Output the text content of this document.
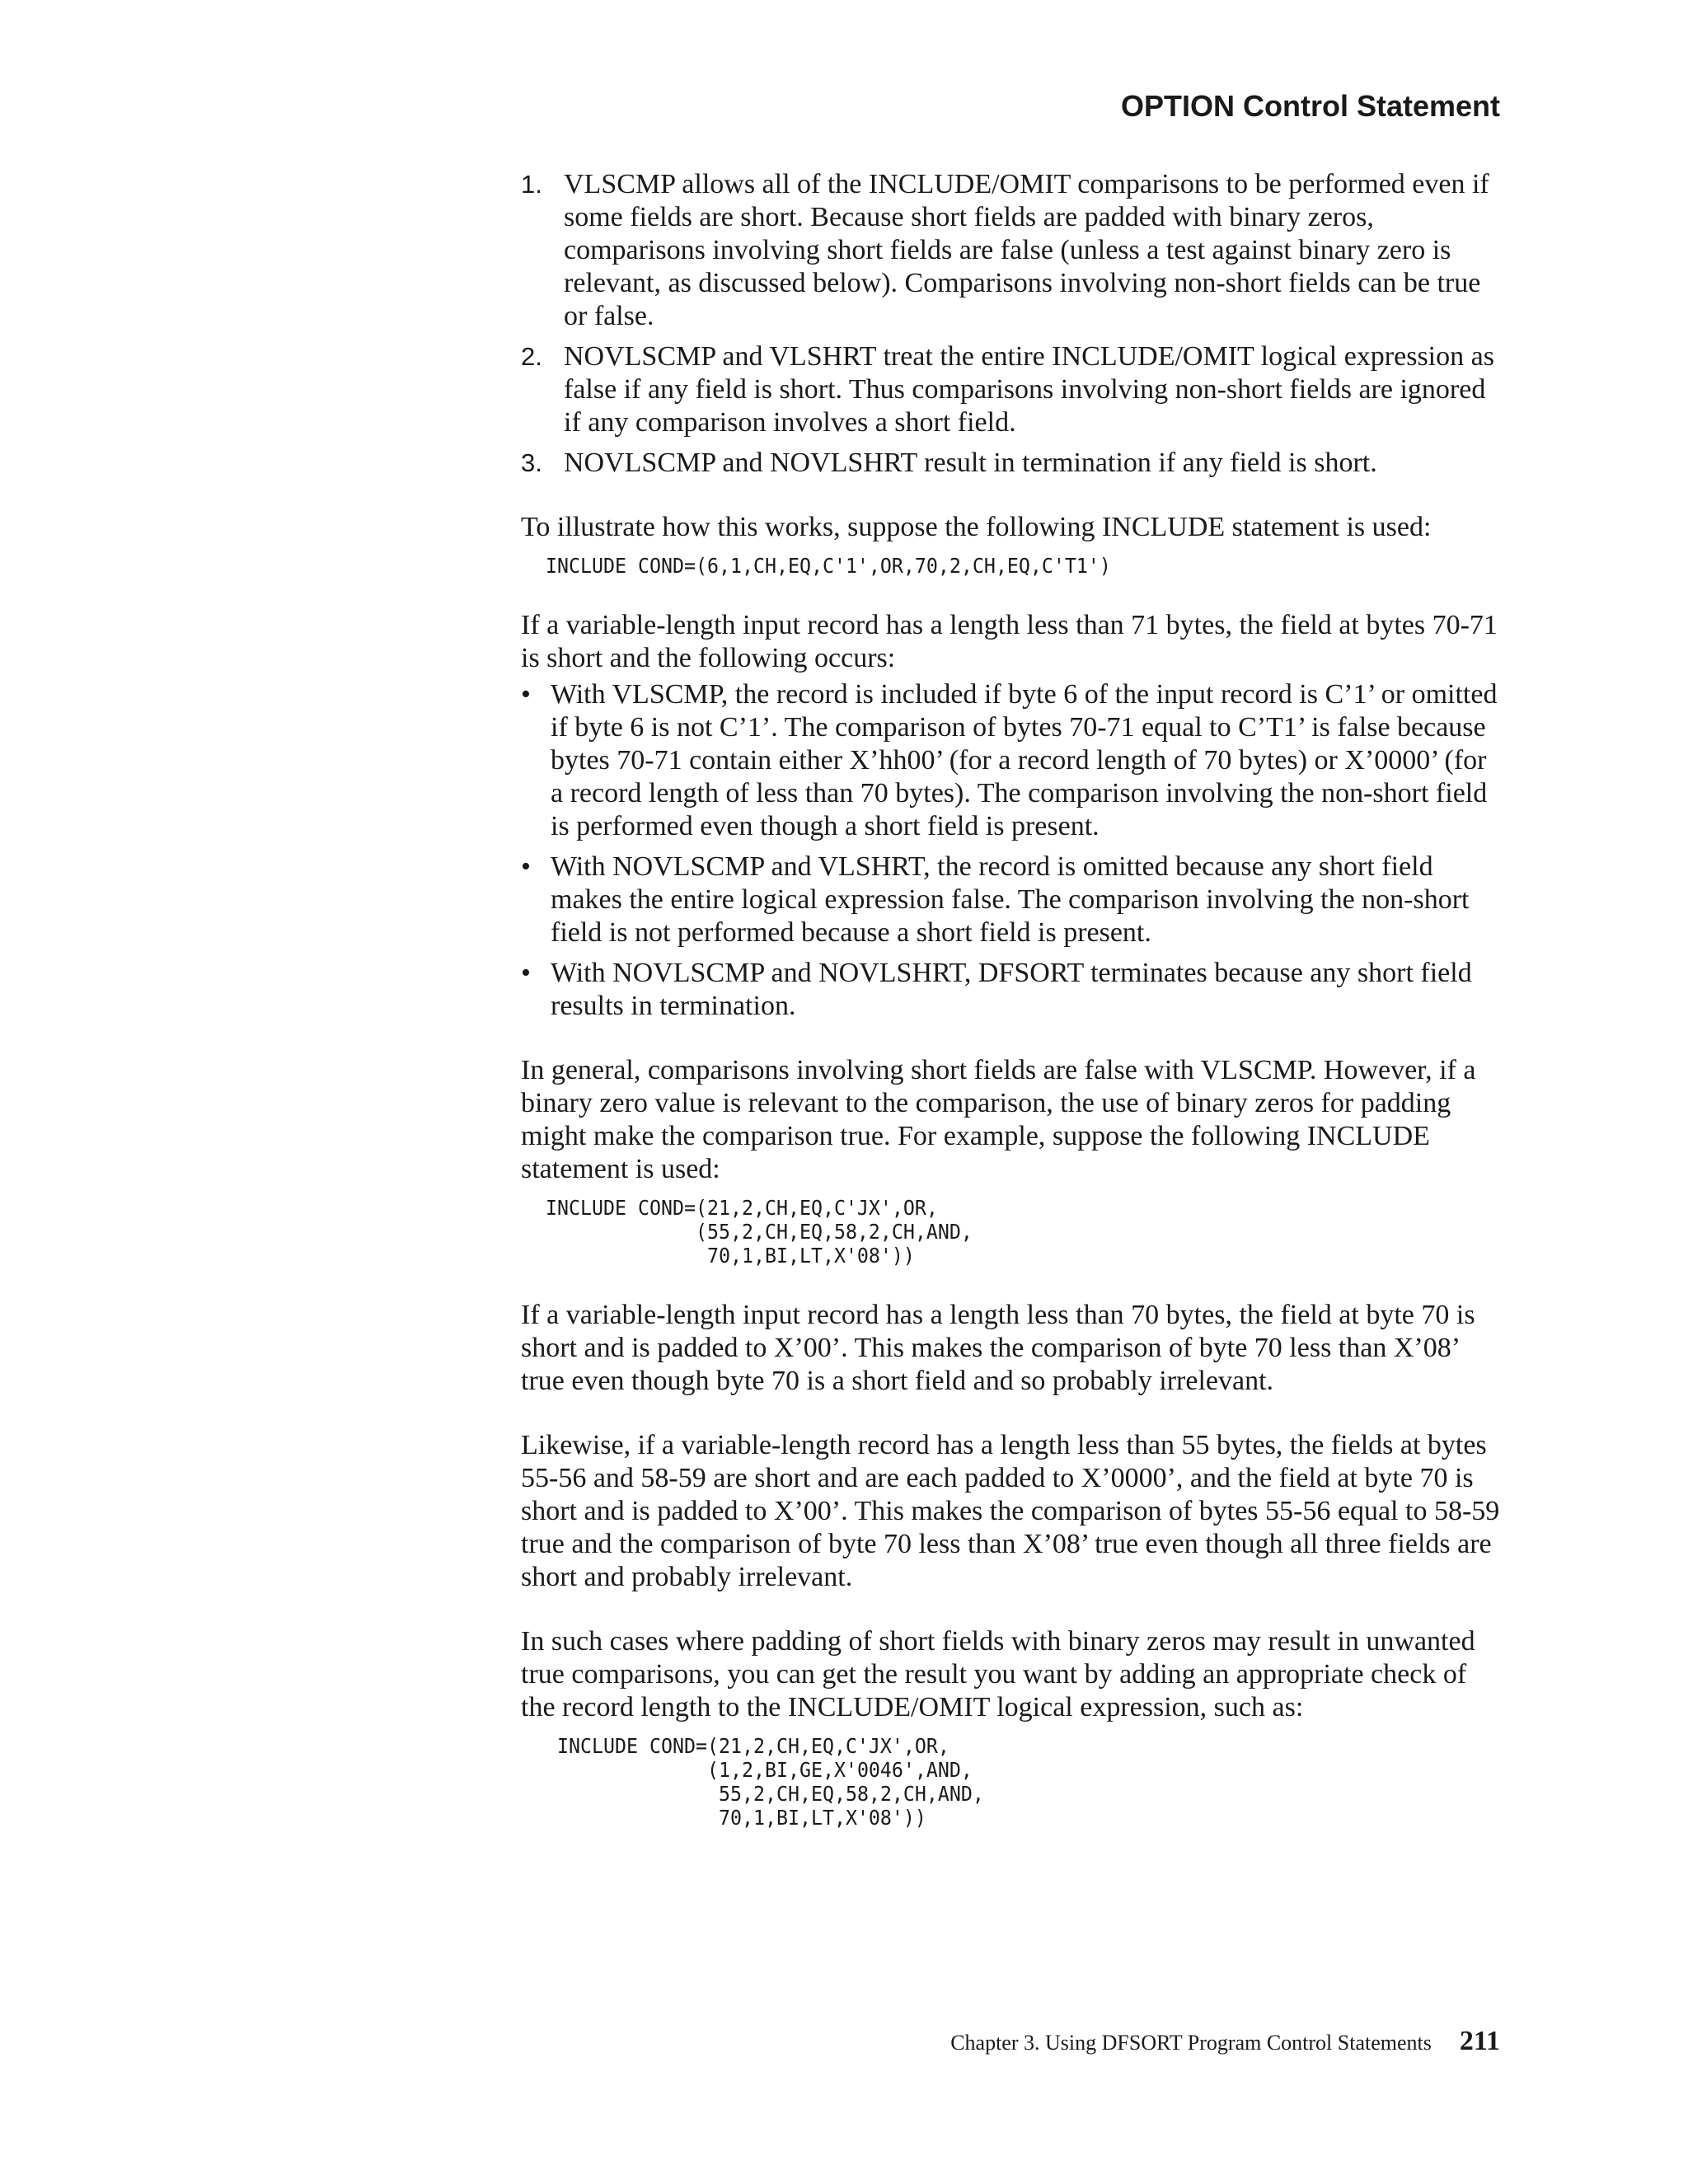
OPTION Control Statement
1. VLSCMP allows all of the INCLUDE/OMIT comparisons to be performed even if some fields are short. Because short fields are padded with binary zeros, comparisons involving short fields are false (unless a test against binary zero is relevant, as discussed below). Comparisons involving non-short fields can be true or false.
2. NOVLSCMP and VLSHRT treat the entire INCLUDE/OMIT logical expression as false if any field is short. Thus comparisons involving non-short fields are ignored if any comparison involves a short field.
3. NOVLSCMP and NOVLSHRT result in termination if any field is short.

To illustrate how this works, suppose the following INCLUDE statement is used:

INCLUDE COND=(6,1,CH,EQ,C'1',OR,70,2,CH,EQ,C'T1')

If a variable-length input record has a length less than 71 bytes, the field at bytes 70-71 is short and the following occurs:

• With VLSCMP, the record is included if byte 6 of the input record is C’1’ or omitted if byte 6 is not C’1’. The comparison of bytes 70-71 equal to C’T1’ is false because bytes 70-71 contain either X’hh00’ (for a record length of 70 bytes) or X’0000’ (for a record length of less than 70 bytes). The comparison involving the non-short field is performed even though a short field is present.
• With NOVLSCMP and VLSHRT, the record is omitted because any short field makes the entire logical expression false. The comparison involving the non-short field is not performed because a short field is present.
• With NOVLSCMP and NOVLSHRT, DFSORT terminates because any short field results in termination.

In general, comparisons involving short fields are false with VLSCMP. However, if a binary zero value is relevant to the comparison, the use of binary zeros for padding might make the comparison true. For example, suppose the following INCLUDE statement is used:

INCLUDE COND=(21,2,CH,EQ,C'JX',OR,
(55,2,CH,EQ,58,2,CH,AND,
70,1,BI,LT,X'08'))

If a variable-length input record has a length less than 70 bytes, the field at byte 70 is short and is padded to X’00’. This makes the comparison of byte 70 less than X’08’ true even though byte 70 is a short field and so probably irrelevant.

Likewise, if a variable-length record has a length less than 55 bytes, the fields at bytes 55-56 and 58-59 are short and are each padded to X’0000’, and the field at byte 70 is short and is padded to X’00’. This makes the comparison of bytes 55-56 equal to 58-59 true and the comparison of byte 70 less than X’08’ true even though all three fields are short and probably irrelevant.

In such cases where padding of short fields with binary zeros may result in unwanted true comparisons, you can get the result you want by adding an appropriate check of the record length to the INCLUDE/OMIT logical expression, such as:

INCLUDE COND=(21,2,CH,EQ,C'JX',OR,
(1,2,BI,GE,X'0046',AND,
55,2,CH,EQ,58,2,CH,AND,
70,1,BI,LT,X'08'))
Chapter 3. Using DFSORT Program Control Statements 211
